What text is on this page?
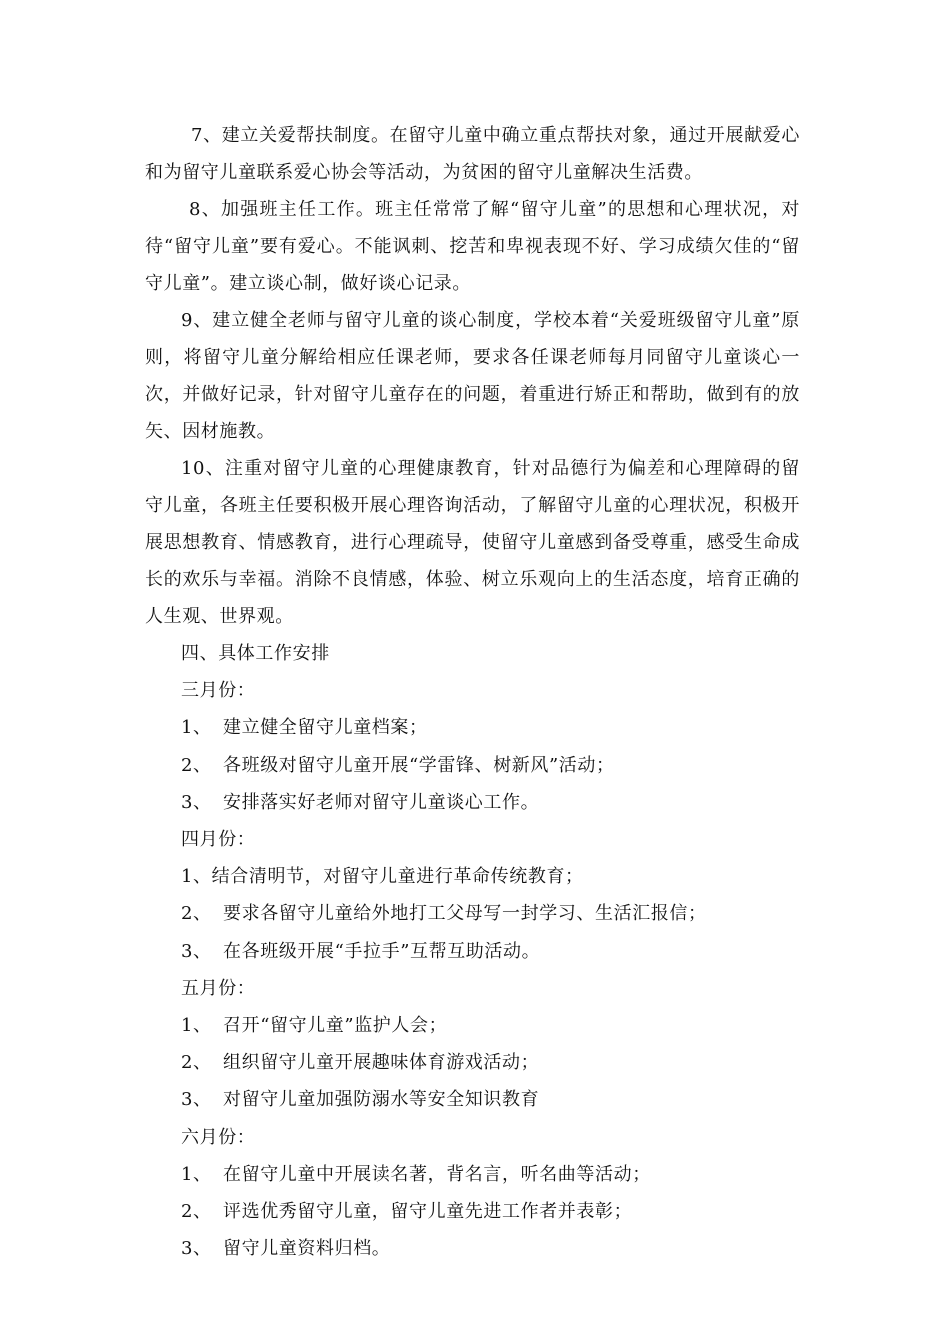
7、建立关爱帮扶制度。在留守儿童中确立重点帮扶对象，通过开展献爱心和为留守儿童联系爱心协会等活动，为贫困的留守儿童解决生活费。

8、加强班主任工作。班主任常常了解“留守儿童”的思想和心理状况，对待“留守儿童”要有爱心。不能讽刺、挖苦和卑视表现不好、学习成绩欠佳的“留守儿童”。建立谈心制，做好谈心记录。

9、建立健全老师与留守儿童的谈心制度，学校本着“关爱班级留守儿童”原则，将留守儿童分解给相应任课老师，要求各任课老师每月同留守儿童谈心一次，并做好记录，针对留守儿童存在的问题，着重进行矫正和帮助，做到有的放矢、因材施教。

10、注重对留守儿童的心理健康教育，针对品德行为偏差和心理障碍的留守儿童，各班主任要积极开展心理咨询活动，了解留守儿童的心理状况，积极开展思想教育、情感教育，进行心理疏导，使留守儿童感到备受尊重，感受生命成长的欢乐与幸福。消除不良情感，体验、树立乐观向上的生活态度，培育正确的人生观、世界观。

四、具体工作安排

三月份：

1、 建立健全留守儿童档案；

2、 各班级对留守儿童开展“学雷锋、树新风”活动；

3、 安排落实好老师对留守儿童谈心工作。

四月份：

1、结合清明节，对留守儿童进行革命传统教育；

2、 要求各留守儿童给外地打工父母写一封学习、生活汇报信；

3、 在各班级开展“手拉手”互帮互助活动。

五月份：

1、 召开“留守儿童”监护人会；

2、 组织留守儿童开展趣味体育游戏活动；

3、 对留守儿童加强防溺水等安全知识教育

六月份：

1、 在留守儿童中开展读名著，背名言，听名曲等活动；

2、 评选优秀留守儿童，留守儿童先进工作者并表彰；

3、 留守儿童资料归档。
